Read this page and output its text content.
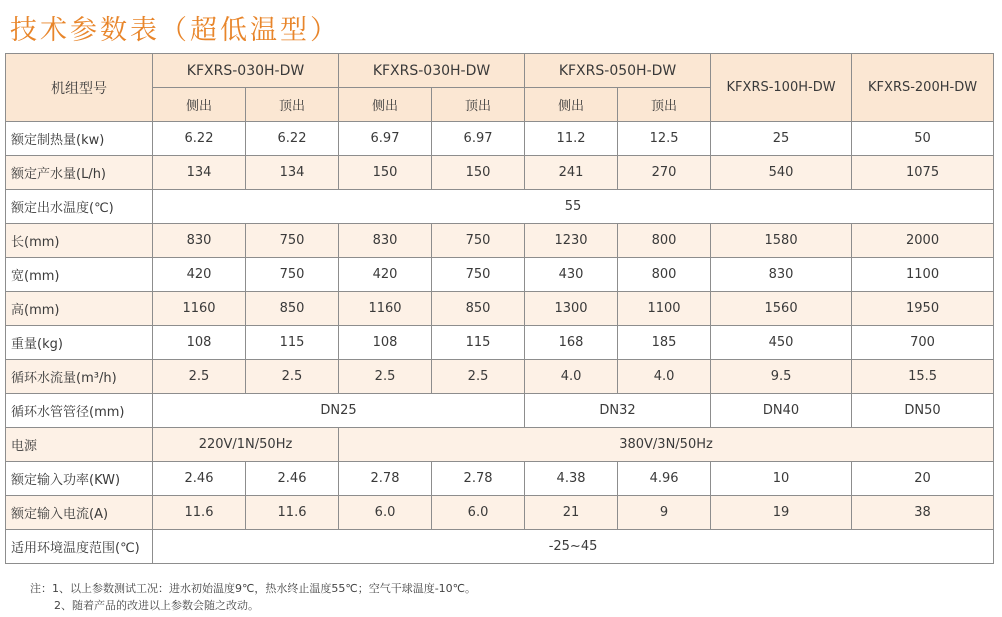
技术参数表（超低温型）
机组型号	KFXRS-030H-DW		KFXRS-030H-DW		KFXRS-050H-DW		KFXRS-100H-DW	KFXRS-200H-DW
	侧出	顶出	侧出	顶出	侧出	顶出		
额定制热量(kw)	6.22	6.22	6.97	6.97	11.2	12.5	25	50
额定产水量(L/h)	134	134	150	150	241	270	540	1075
额定出水温度(℃)	55							
长(mm)	830	750	830	750	1230	800	1580	2000
宽(mm)	420	750	420	750	430	800	830	1100
高(mm)	1160	850	1160	850	1300	1100	1560	1950
重量(kg)	108	115	108	115	168	185	450	700
循环水流量(m³/h)	2.5	2.5	2.5	2.5	4.0	4.0	9.5	15.5
循环水管管径(mm)	DN25				DN32		DN40	DN50
电源	220V/1N/50Hz		380V/3N/50Hz					
额定输入功率(KW)	2.46	2.46	2.78	2.78	4.38	4.96	10	20
额定输入电流(A)	11.6	11.6	6.0	6.0	21	9	19	38
适用环境温度范围(℃)	-25~45							
注：1、以上参数测试工况：进水初始温度9℃，热水终止温度55℃；空气干球温度-10℃。
2、随着产品的改进以上参数会随之改动。
